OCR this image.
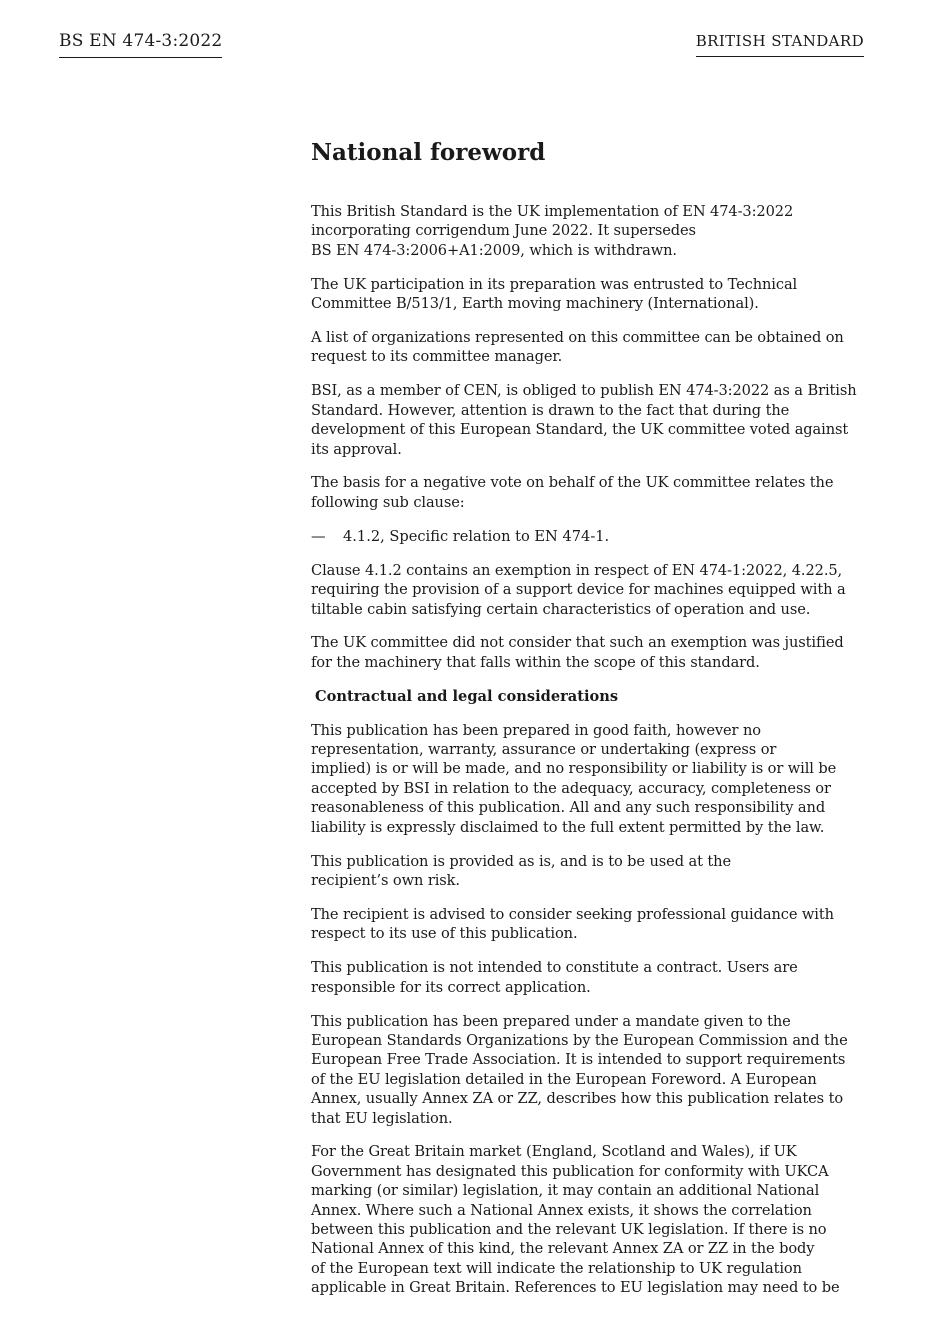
BS EN 474-3:2022	BRITISH STANDARD
National foreword
This British Standard is the UK implementation of EN 474-3:2022
incorporating corrigendum June 2022. It supersedes
BS EN 474-3:2006+A1:2009, which is withdrawn.
The UK participation in its preparation was entrusted to Technical
Committee B/513/1, Earth moving machinery (International).
A list of organizations represented on this committee can be obtained on
request to its committee manager.
BSI, as a member of CEN, is obliged to publish EN 474-3:2022 as a British
Standard. However, attention is drawn to the fact that during the
development of this European Standard, the UK committee voted against
its approval.
The basis for a negative vote on behalf of the UK committee relates the
following sub clause:
— 4.1.2, Specific relation to EN 474-1.
Clause 4.1.2 contains an exemption in respect of EN 474-1:2022, 4.22.5,
requiring the provision of a support device for machines equipped with a
tiltable cabin satisfying certain characteristics of operation and use.
The UK committee did not consider that such an exemption was justified
for the machinery that falls within the scope of this standard.
Contractual and legal considerations
This publication has been prepared in good faith, however no
representation, warranty, assurance or undertaking (express or
implied) is or will be made, and no responsibility or liability is or will be
accepted by BSI in relation to the adequacy, accuracy, completeness or
reasonableness of this publication. All and any such responsibility and
liability is expressly disclaimed to the full extent permitted by the law.
This publication is provided as is, and is to be used at the
recipient’s own risk.
The recipient is advised to consider seeking professional guidance with
respect to its use of this publication.
This publication is not intended to constitute a contract. Users are
responsible for its correct application.
This publication has been prepared under a mandate given to the
European Standards Organizations by the European Commission and the
European Free Trade Association. It is intended to support requirements
of the EU legislation detailed in the European Foreword. A European
Annex, usually Annex ZA or ZZ, describes how this publication relates to
that EU legislation.
For the Great Britain market (England, Scotland and Wales), if UK
Government has designated this publication for conformity with UKCA
marking (or similar) legislation, it may contain an additional National
Annex. Where such a National Annex exists, it shows the correlation
between this publication and the relevant UK legislation. If there is no
National Annex of this kind, the relevant Annex ZA or ZZ in the body
of the European text will indicate the relationship to UK regulation
applicable in Great Britain. References to EU legislation may need to be
